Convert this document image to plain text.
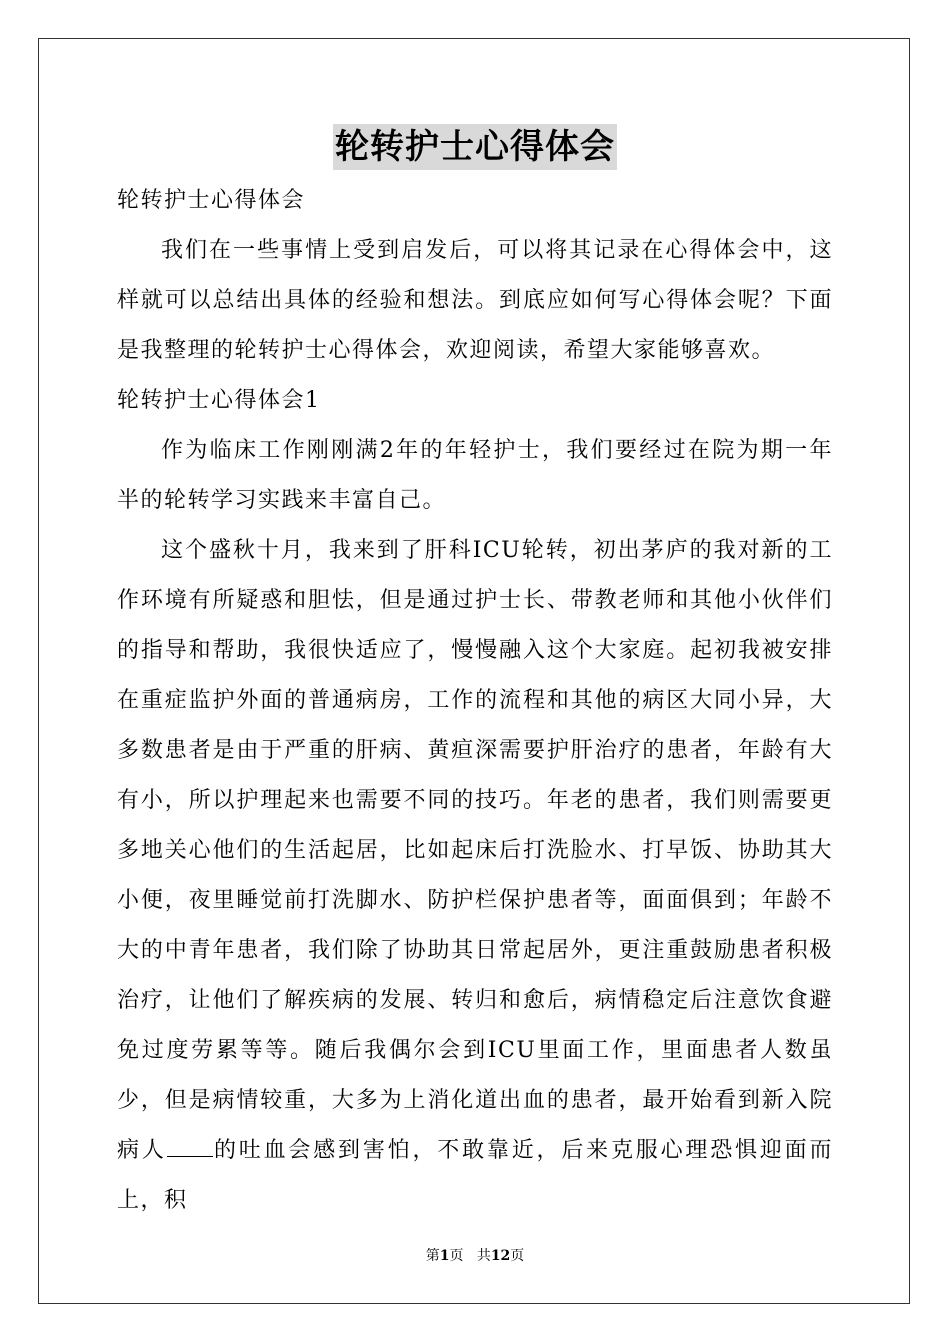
轮转护士心得体会

轮转护士心得体会

我们在一些事情上受到启发后，可以将其记录在心得体会中，这样就可以总结出具体的经验和想法。到底应如何写心得体会呢？下面是我整理的轮转护士心得体会，欢迎阅读，希望大家能够喜欢。

轮转护士心得体会1

作为临床工作刚刚满2年的年轻护士，我们要经过在院为期一年半的轮转学习实践来丰富自己。

这个盛秋十月，我来到了肝科ICU轮转，初出茅庐的我对新的工作环境有所疑惑和胆怯，但是通过护士长、带教老师和其他小伙伴们的指导和帮助，我很快适应了，慢慢融入这个大家庭。起初我被安排在重症监护外面的普通病房，工作的流程和其他的病区大同小异，大多数患者是由于严重的肝病、黄疸深需要护肝治疗的患者，年龄有大有小，所以护理起来也需要不同的技巧。年老的患者，我们则需要更多地关心他们的生活起居，比如起床后打洗脸水、打早饭、协助其大小便，夜里睡觉前打洗脚水、防护栏保护患者等，面面俱到；年龄不大的中青年患者，我们除了协助其日常起居外，更注重鼓励患者积极治疗，让他们了解疾病的发展、转归和愈后，病情稳定后注意饮食避免过度劳累等等。随后我偶尔会到ICU里面工作，里面患者人数虽少，但是病情较重，大多为上消化道出血的患者，最开始看到新入院病人 的吐血会感到害怕，不敢靠近，后来克服心理恐惧迎面而上，积

第1页 共12页
